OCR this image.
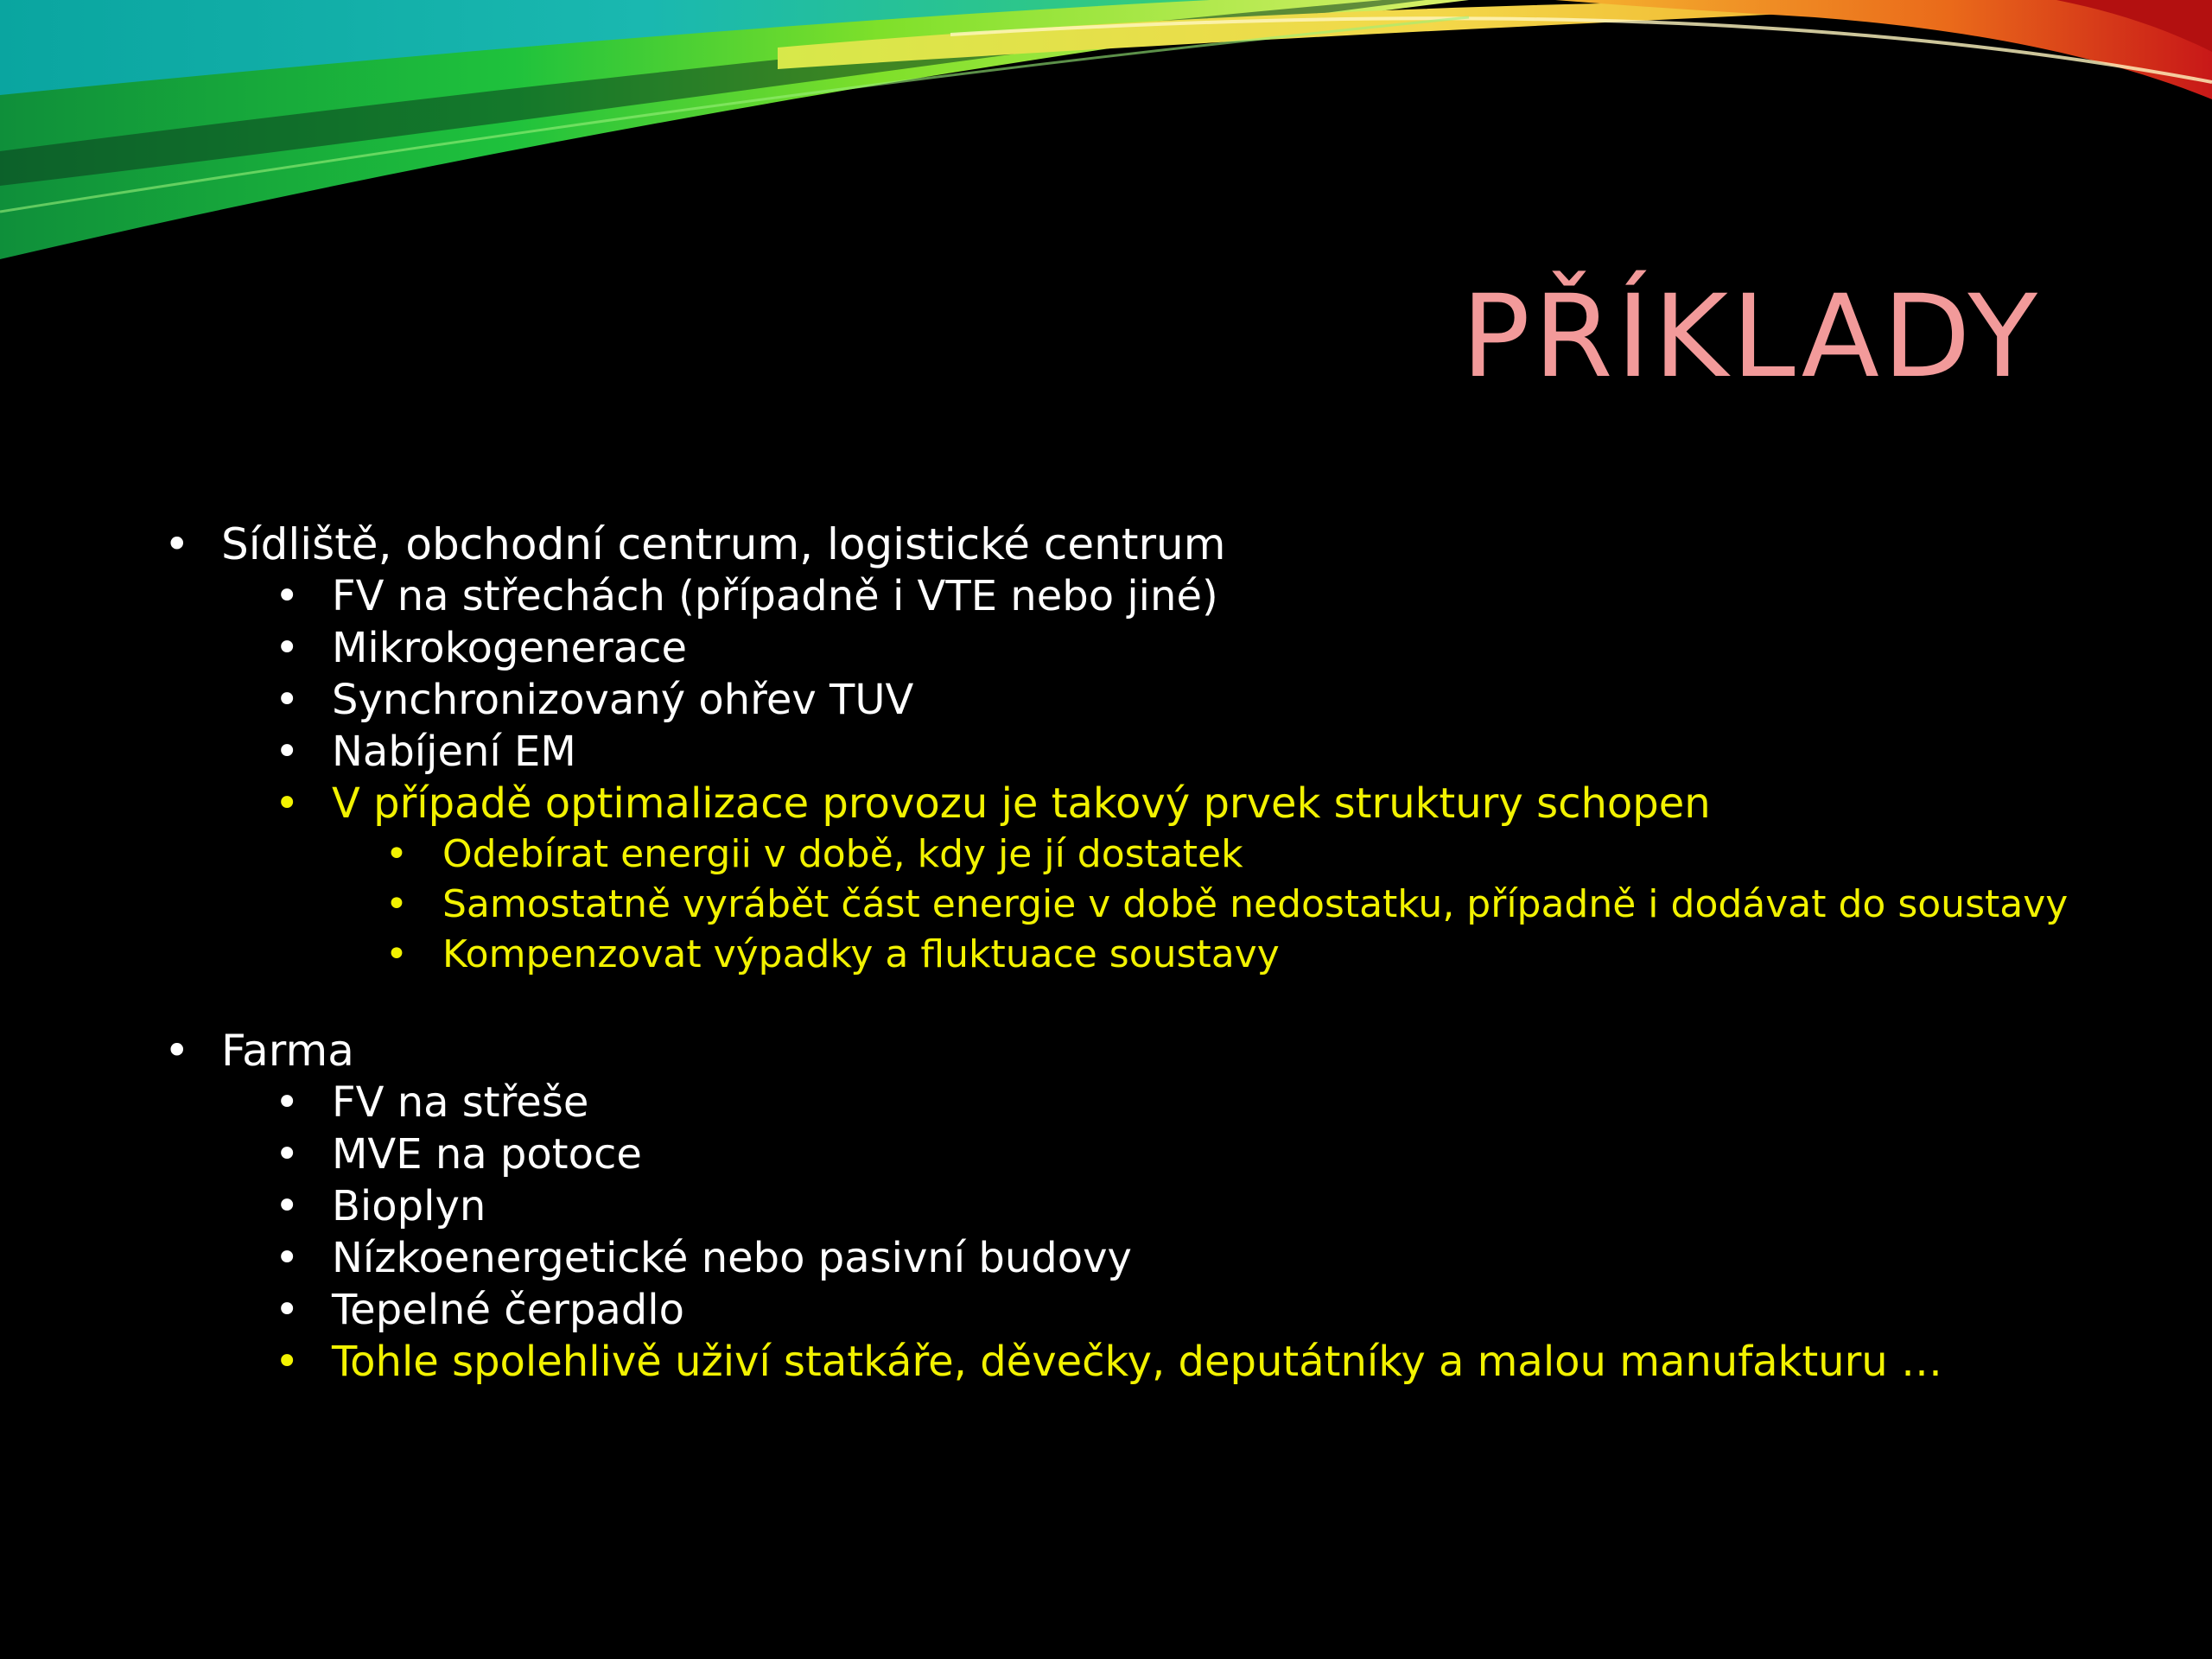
PŘÍKLADY
• Sídliště, obchodní centrum, logistické centrum
• FV na střechách (případně i VTE nebo jiné)
• Mikrokogenerace
• Synchronizovaný ohřev TUV
• Nabíjení EM
• V případě optimalizace provozu je takový prvek struktury schopen
• Odebírat energii v době, kdy je jí dostatek
• Samostatně vyrábět část energie v době nedostatku, případně i dodávat do soustavy
• Kompenzovat výpadky a fluktuace soustavy
• Farma
• FV na střeše
• MVE na potoce
• Bioplyn
• Nízkoenergetické nebo pasivní budovy
• Tepelné čerpadlo
• Tohle spolehlivě uživí statkáře, děvečky, deputátníky a malou manufakturu …
